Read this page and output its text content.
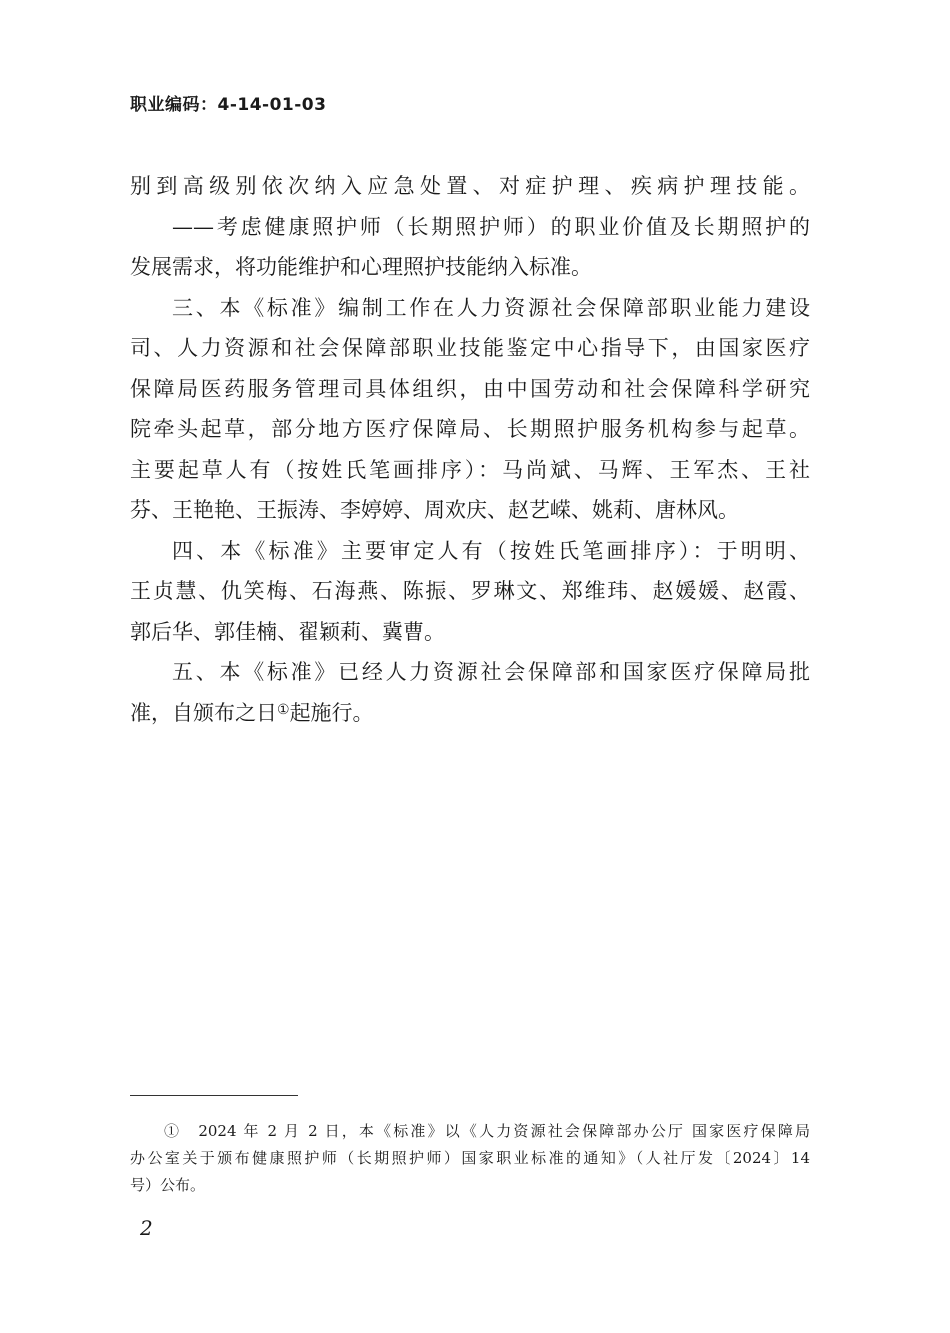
职业编码：4-14-01-03
别到高级别依次纳入应急处置、对症护理、疾病护理技能。
——考虑健康照护师（长期照护师）的职业价值及长期照护的
发展需求，将功能维护和心理照护技能纳入标准。
三、本《标准》编制工作在人力资源社会保障部职业能力建设
司、人力资源和社会保障部职业技能鉴定中心指导下，由国家医疗
保障局医药服务管理司具体组织，由中国劳动和社会保障科学研究
院牵头起草，部分地方医疗保障局、长期照护服务机构参与起草。
主要起草人有（按姓氏笔画排序）：马尚斌、马辉、王军杰、王社
芬、王艳艳、王振涛、李婷婷、周欢庆、赵艺嵘、姚莉、唐林风。
四、本《标准》主要审定人有（按姓氏笔画排序）：于明明、
王贞慧、仇笑梅、石海燕、陈振、罗琳文、郑维玮、赵媛媛、赵霞、
郭后华、郭佳楠、翟颖莉、冀曹。
五、本《标准》已经人力资源社会保障部和国家医疗保障局批
准，自颁布之日①起施行。
①　2024 年 2 月 2 日，本《标准》以《人力资源社会保障部办公厅 国家医疗保障局
办公室关于颁布健康照护师（长期照护师）国家职业标准的通知》（人社厅发〔2024〕14
号）公布。
2
